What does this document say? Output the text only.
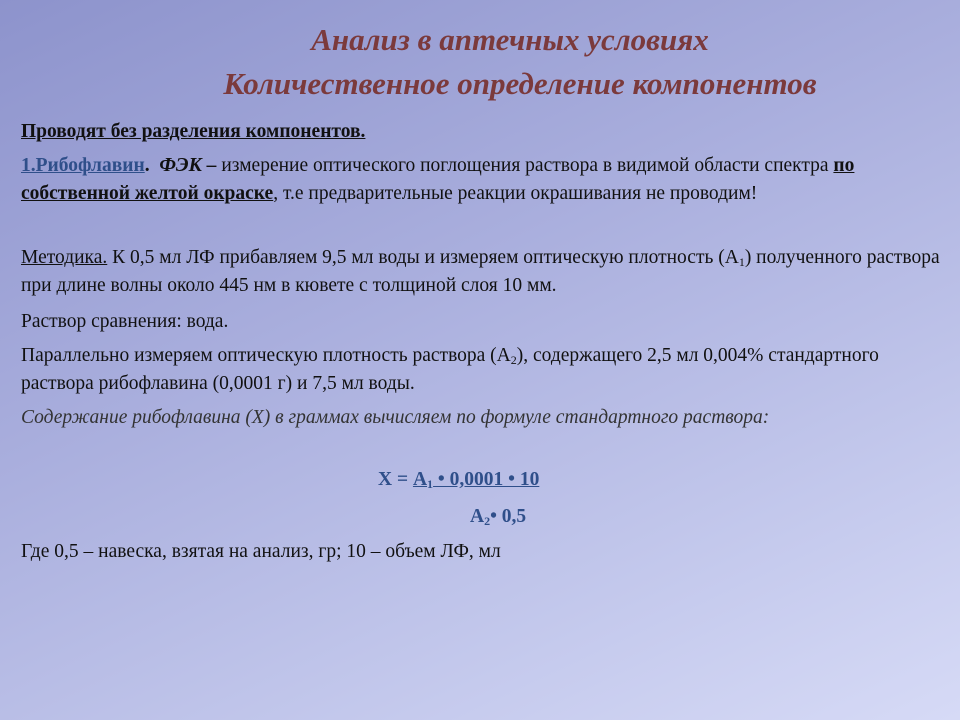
Анализ в аптечных условиях
Количественное определение компонентов
Проводят без разделения компонентов.
1.Рибофлавин. ФЭК – измерение оптического поглощения раствора в видимой области спектра по собственной желтой окраске, т.е предварительные реакции окрашивания не проводим!
Методика. К 0,5 мл ЛФ прибавляем 9,5 мл воды и измеряем оптическую плотность $(А_1)$ полученного раствора при длине волны около 445 нм в кювете с толщиной слоя 10 мм.
Раствор сравнения: вода.
Параллельно измеряем оптическую плотность раствора $(А_2)$, содержащего 2,5 мл 0,004% стандартного раствора рибофлавина (0,0001 г) и 7,5 мл воды.
Содержание рибофлавина (Х) в граммах вычисляем по формуле стандартного раствора:
$Х = А_1$ • 0,0001 • 10
$А_2•$ 0,5
Где 0,5 – навеска, взятая на анализ, гр; 10 – объем ЛФ, мл
